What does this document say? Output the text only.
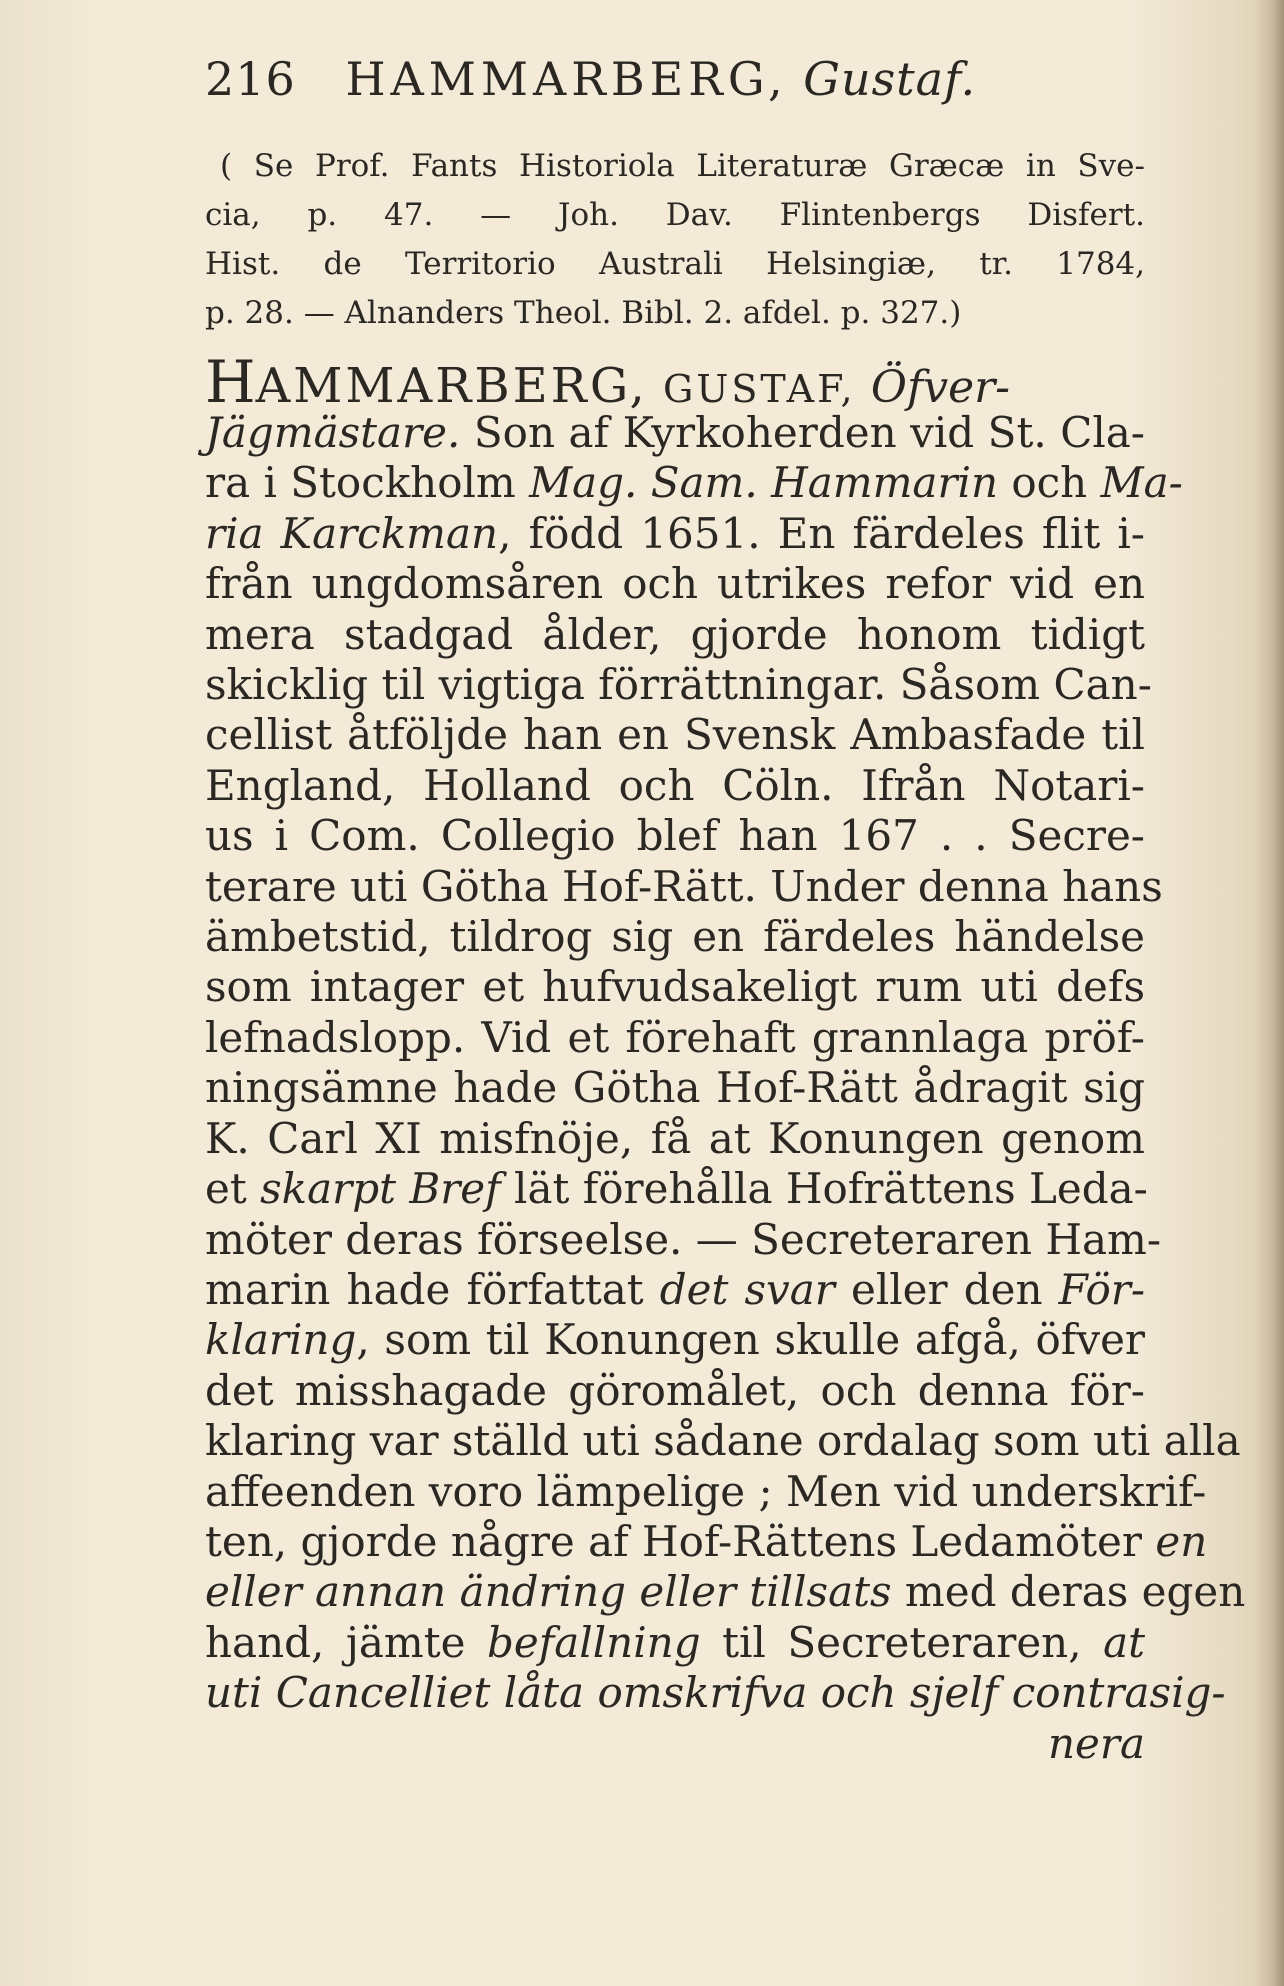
216 HAMMARBERG, Gustaf.
( Se Prof. Fants Historiola Literaturæ Græcæ in Sve-
cia, p. 47. — Joh. Dav. Flintenbergs Disfert.
Hist. de Territorio Australi Helsingiæ, tr. 1784,
p. 28. — Alnanders Theol. Bibl. 2. afdel. p. 327.)
HAMMARBERG, GUSTAF, Öfver-
Jägmästare. Son af Kyrkoherden vid St. Cla-
ra i Stockholm Mag. Sam. Hammarin och Ma-
ria Karckman, född 1651. En färdeles flit i-
från ungdomsåren och utrikes refor vid en
mera stadgad ålder, gjorde honom tidigt
skicklig til vigtiga förrättningar. Såsom Can-
cellist åtföljde han en Svensk Ambasfade til
England, Holland och Cöln. Ifrån Notari-
us i Com. Collegio blef han 167 . . Secre-
terare uti Götha Hof-Rätt. Under denna hans
ämbetstid, tildrog sig en färdeles händelse
som intager et hufvudsakeligt rum uti defs
lefnadslopp. Vid et förehaft grannlaga pröf-
ningsämne hade Götha Hof-Rätt ådragit sig
K. Carl XI misfnöje, få at Konungen genom
et skarpt Bref lät förehålla Hofrättens Leda-
möter deras förseelse. — Secreteraren Ham-
marin hade författat det svar eller den För-
klaring, som til Konungen skulle afgå, öfver
det misshagade göromålet, och denna för-
klaring var ställd uti sådane ordalag som uti alla
affeenden voro lämpelige ; Men vid underskrif-
ten, gjorde någre af Hof-Rättens Ledamöter en
eller annan ändring eller tillsats med deras egen
hand, jämte befallning til Secreteraren, at
uti Cancelliet låta omskrifva och sjelf contrasig-
nera
